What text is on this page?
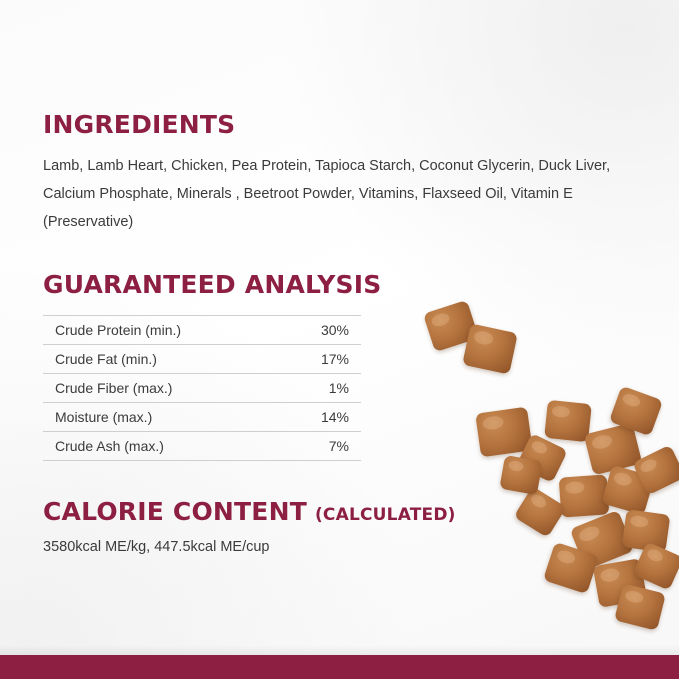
INGREDIENTS

Lamb, Lamb Heart, Chicken, Pea Protein, Tapioca Starch, Coconut Glycerin, Duck Liver, Calcium Phosphate, Minerals , Beetroot Powder, Vitamins, Flaxseed Oil, Vitamin E (Preservative)

GUARANTEED ANALYSIS
Crude Protein (min.)	30%
Crude Fat (min.)	17%
Crude Fiber (max.)	1%
Moisture (max.)	14%
Crude Ash (max.)	7%
CALORIE CONTENT (CALCULATED)

3580kcal ME/kg, 447.5kcal ME/cup
